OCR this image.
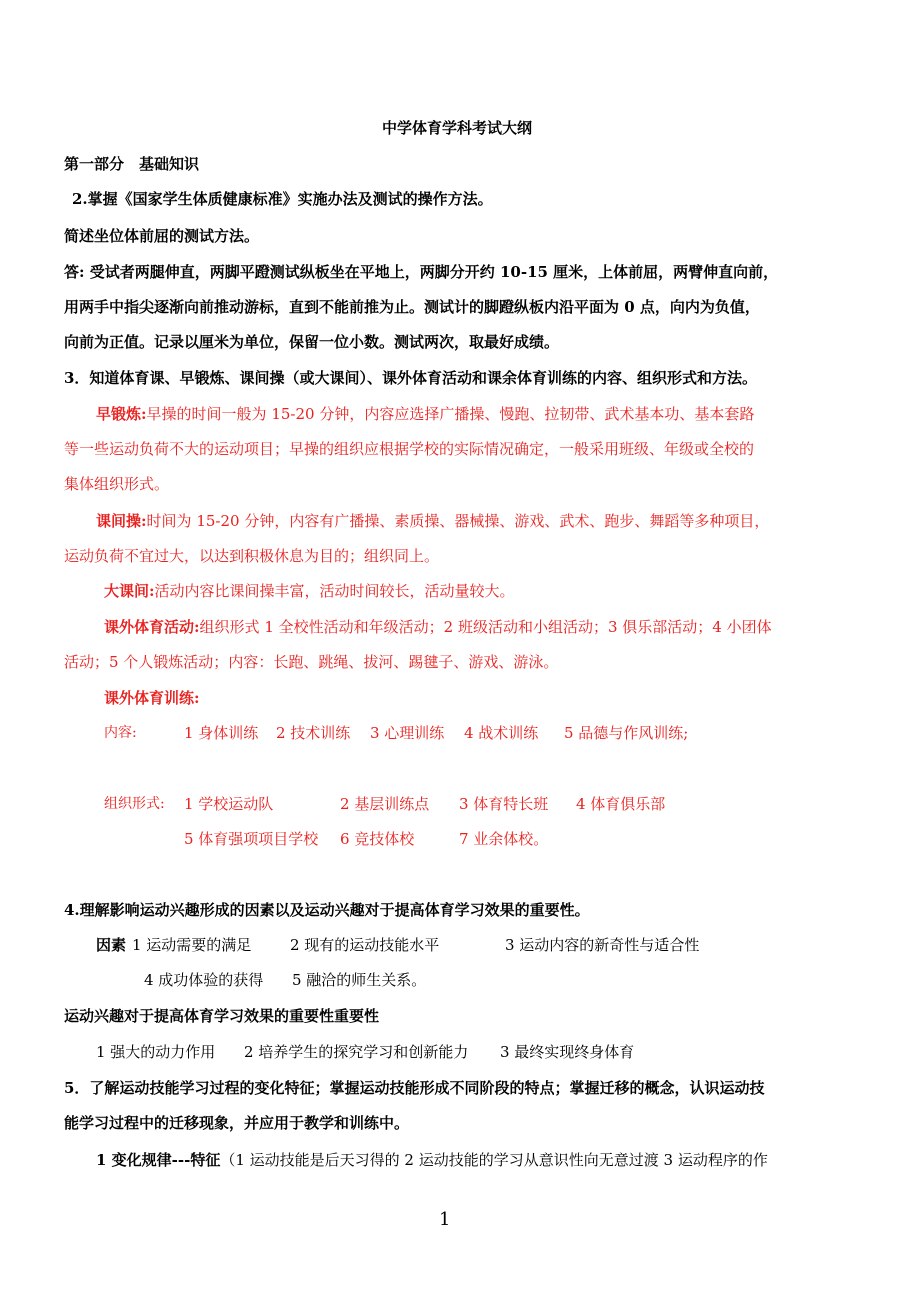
中学体育学科考试大纲
第一部分　基础知识
2.掌握《国家学生体质健康标准》实施办法及测试的操作方法。
简述坐位体前屈的测试方法。
答: 受试者两腿伸直，两脚平蹬测试纵板坐在平地上，两脚分开约 10-15 厘米，上体前屈，两臂伸直向前，
用两手中指尖逐渐向前推动游标，直到不能前推为止。测试计的脚蹬纵板内沿平面为 0 点，向内为负值，
向前为正值。记录以厘米为单位，保留一位小数。测试两次，取最好成绩。
3．知道体育课、早锻炼、课间操（或大课间）、课外体育活动和课余体育训练的内容、组织形式和方法。
早锻炼:早操的时间一般为 15-20 分钟，内容应选择广播操、慢跑、拉韧带、武术基本功、基本套路
等一些运动负荷不大的运动项目；早操的组织应根据学校的实际情况确定，一般采用班级、年级或全校的
集体组织形式。
课间操:时间为 15-20 分钟，内容有广播操、素质操、器械操、游戏、武术、跑步、舞蹈等多种项目，
运动负荷不宜过大，以达到积极休息为目的；组织同上。
大课间:活动内容比课间操丰富，活动时间较长，活动量较大。
课外体育活动:组织形式 1 全校性活动和年级活动；2 班级活动和小组活动；3 俱乐部活动；4 小团体
活动；5 个人锻炼活动；内容：长跑、跳绳、拔河、踢毽子、游戏、游泳。
课外体育训练:
内容:	1 身体训练 2 技术训练 3 心理训练 4 战术训练 5 品德与作风训练;
组织形式: 1 学校运动队	2 基层训练点 3 体育特长班 4 体育俱乐部
5 体育强项项目学校 6 竞技体校	7 业余体校。
4.理解影响运动兴趣形成的因素以及运动兴趣对于提高体育学习效果的重要性。
因素 1 运动需要的满足	2 现有的运动技能水平	3 运动内容的新奇性与适合性
4 成功体验的获得 5 融洽的师生关系。
运动兴趣对于提高体育学习效果的重要性重要性
1 强大的动力作用 2 培养学生的探究学习和创新能力 3 最终实现终身体育
5．了解运动技能学习过程的变化特征；掌握运动技能形成不同阶段的特点；掌握迁移的概念，认识运动技
能学习过程中的迁移现象，并应用于教学和训练中。
1 变化规律---特征（1 运动技能是后天习得的 2 运动技能的学习从意识性向无意过渡 3 运动程序的作
1
